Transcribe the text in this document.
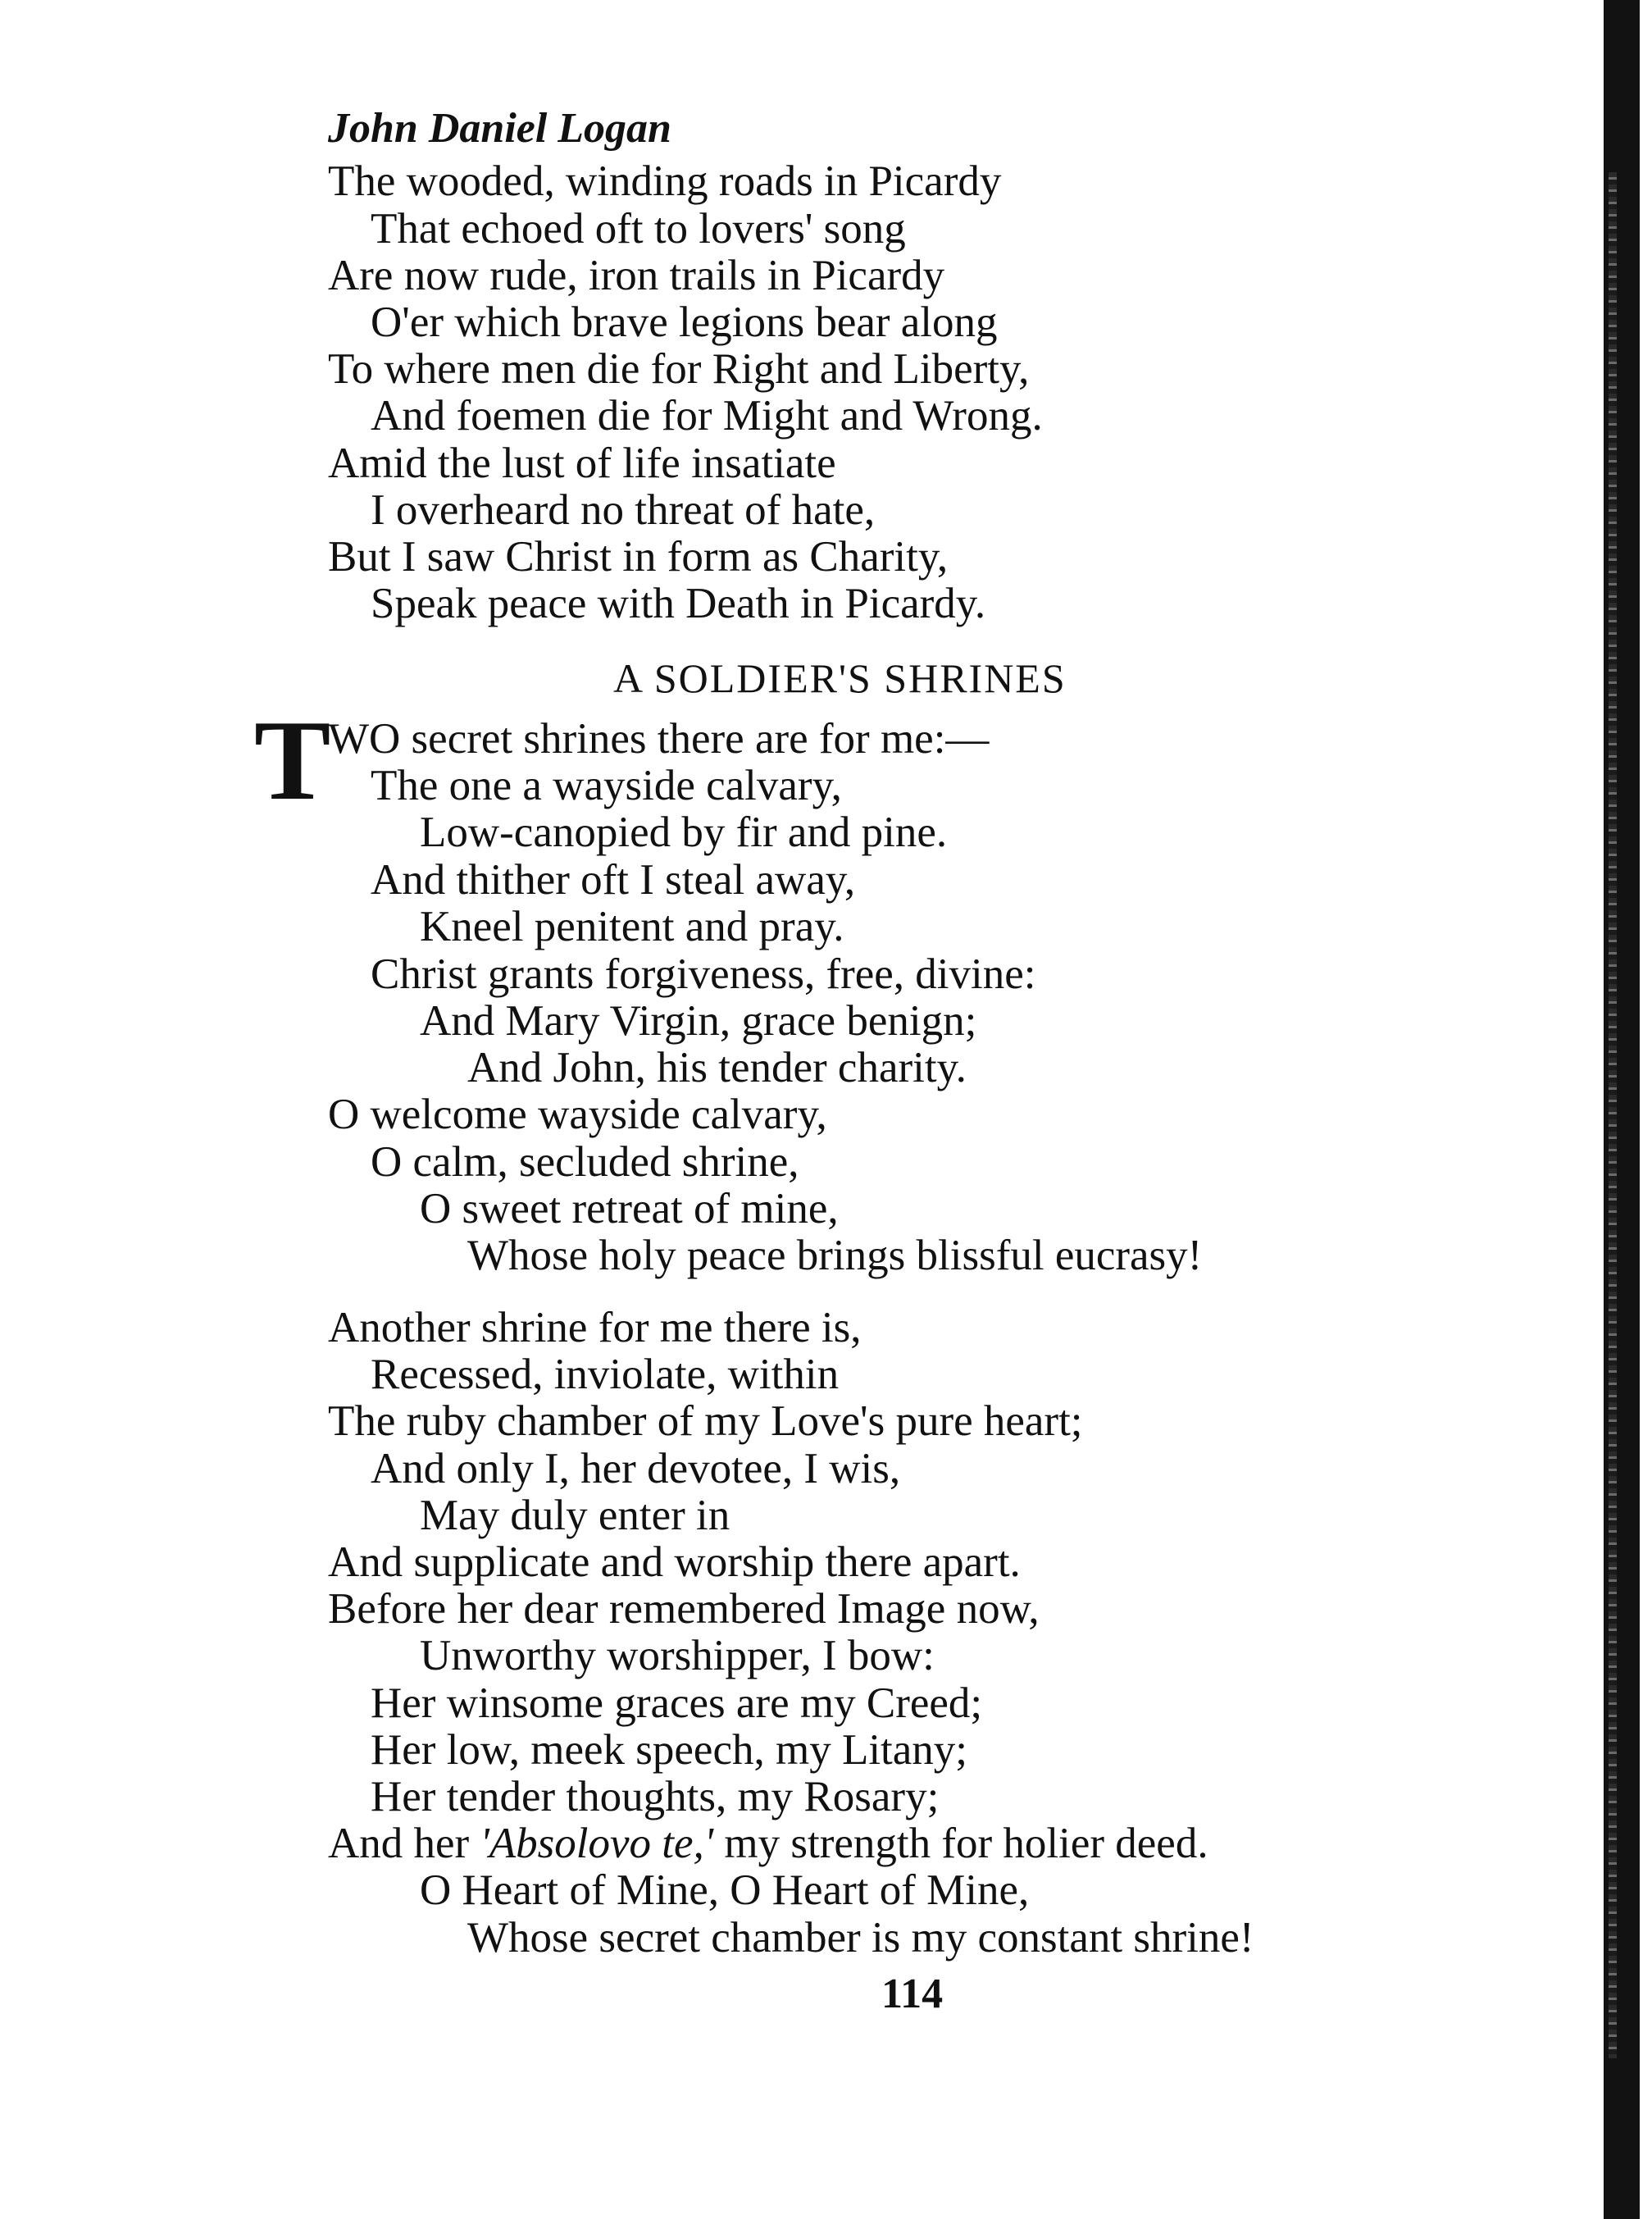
John Daniel Logan
The wooded, winding roads in Picardy
That echoed oft to lovers' song
Are now rude, iron trails in Picardy
O'er which brave legions bear along
To where men die for Right and Liberty,
And foemen die for Might and Wrong.
Amid the lust of life insatiate
I overheard no threat of hate,
But I saw Christ in form as Charity,
Speak peace with Death in Picardy.
A SOLDIER'S SHRINES
T
WO secret shrines there are for me:—
The one a wayside calvary,
Low-canopied by fir and pine.
And thither oft I steal away,
Kneel penitent and pray.
Christ grants forgiveness, free, divine:
And Mary Virgin, grace benign;
And John, his tender charity.
O welcome wayside calvary,
O calm, secluded shrine,
O sweet retreat of mine,
Whose holy peace brings blissful eucrasy!
Another shrine for me there is,
Recessed, inviolate, within
The ruby chamber of my Love's pure heart;
And only I, her devotee, I wis,
May duly enter in
And supplicate and worship there apart.
Before her dear remembered Image now,
Unworthy worshipper, I bow:
Her winsome graces are my Creed;
Her low, meek speech, my Litany;
Her tender thoughts, my Rosary;
And her 'Absolovo te,' my strength for holier deed.
O Heart of Mine, O Heart of Mine,
Whose secret chamber is my constant shrine!
114
